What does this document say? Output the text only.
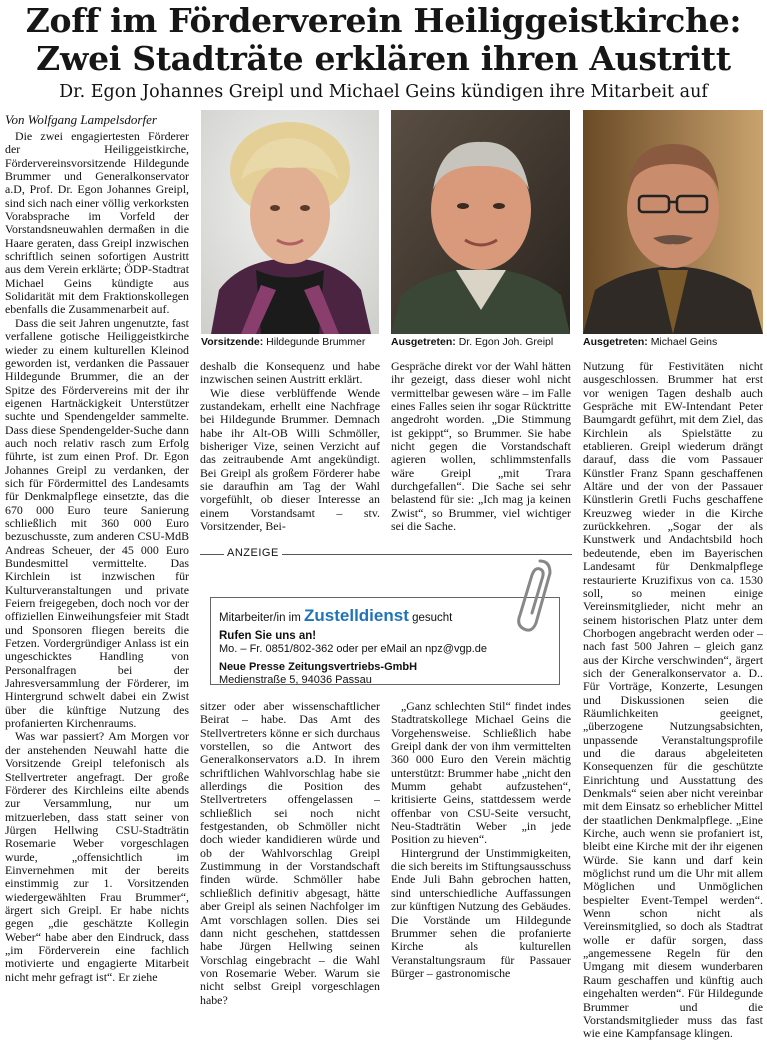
Zoff im Förderverein Heiliggeistkirche:
Zwei Stadträte erklären ihren Austritt
Dr. Egon Johannes Greipl und Michael Geins kündigen ihre Mitarbeit auf
Von Wolfgang Lampelsdorfer
Vorsitzende: Hildegunde Brummer Ausgetreten: Dr. Egon Joh. Greipl	Ausgetreten: Michael Geins

Die zwei engagiertesten Förderer der Heiliggeistkirche, Fördervereinsvorsitzende Hildegunde Brummer und Generalkonservator a.D, Prof. Dr. Egon Johannes Greipl, sind sich nach einer völlig verkorksten Vorabsprache im Vorfeld der Vorstandsneuwahlen dermaßen in die Haare geraten, dass Greipl inzwischen schriftlich seinen sofortigen Austritt aus dem Verein erklärte; ÖDP-Stadtrat Michael Geins kündigte aus Solidarität mit dem Fraktionskollegen ebenfalls die Zusammenarbeit auf.

Dass die seit Jahren ungenutzte, fast verfallene gotische Heiliggeistkirche wieder zu einem kulturellen Kleinod geworden ist, verdanken die Passauer Hildegunde Brummer, die an der Spitze des Fördervereins mit der ihr eigenen Hartnäckigkeit Unterstützer suchte und Spendengelder sammelte. Dass diese Spendengelder-Suche dann auch noch relativ rasch zum Erfolg führte, ist zum einen Prof. Dr. Egon Johannes Greipl zu verdanken, der sich für Fördermittel des Landesamts für Denkmalpflege einsetzte, das die 670 000 Euro teure Sanierung schließlich mit 360 000 Euro bezuschusste, zum anderen CSU-MdB Andreas Scheuer, der 45 000 Euro Bundesmittel vermittelte. Das Kirchlein ist inzwischen für Kulturveranstaltungen und private Feiern freigegeben, doch noch vor der offiziellen Einweihungsfeier mit Stadt und Sponsoren fliegen bereits die Fetzen. Vordergründiger Anlass ist ein ungeschicktes Handling von Personalfragen bei der Jahresversammlung der Förderer, im Hintergrund schwelt dabei ein Zwist über die künftige Nutzung des profanierten Kirchenraums.

Was war passiert? Am Morgen vor der anstehenden Neuwahl hatte die Vorsitzende Greipl telefonisch als Stellvertreter angefragt. Der große Förderer des Kirchleins eilte abends zur Versammlung, nur um mitzuerleben, dass statt seiner von Jürgen Hellwing CSU-Stadträtin Rosemarie Weber vorgeschlagen wurde, „offensichtlich im Einvernehmen mit der bereits einstimmig zur 1. Vorsitzenden wiedergewählten Frau Brummer“, ärgert sich Greipl. Er habe nichts gegen „die geschätzte Kollegin Weber“ habe aber den Eindruck, dass „im Förderverein eine fachlich motivierte und engagierte Mitarbeit nicht mehr gefragt ist“. Er ziehe

deshalb die Konsequenz und habe inzwischen seinen Austritt erklärt.

Wie diese verblüffende Wende zustandekam, erhellt eine Nachfrage bei Hildegunde Brummer. Demnach habe ihr Alt-OB Willi Schmöller, bisheriger Vize, seinen Verzicht auf das zeitraubende Amt angekündigt. Bei Greipl als großem Förderer habe sie daraufhin am Tag der Wahl vorgefühlt, ob dieser Interesse an einem Vorstandsamt – stv. Vorsitzender, Bei-

Gespräche direkt vor der Wahl hätten ihr gezeigt, dass dieser wohl nicht vermittelbar gewesen wäre – im Falle eines Falles seien ihr sogar Rücktritte angedroht worden. „Die Stimmung ist gekippt“, so Brummer. Sie habe nicht gegen die Vorstandschaft agieren wollen, schlimmstenfalls wäre Greipl „mit Trara durchgefallen“. Die Sache sei sehr belastend für sie: „Ich mag ja keinen Zwist“, so Brummer, viel wichtiger sei die Sache.

ANZEIGE
Mitarbeiter/in im Zustelldienst gesucht
Rufen Sie uns an!
Mo. – Fr. 0851/802-362 oder per eMail an npz@vgp.de
Neue Presse Zeitungsvertriebs-GmbH
Medienstraße 5, 94036 Passau

sitzer oder aber wissenschaftlicher Beirat – habe. Das Amt des Stellvertreters könne er sich durchaus vorstellen, so die Antwort des Generalkonservators a.D. In ihrem schriftlichen Wahlvorschlag habe sie allerdings die Position des Stellvertreters offengelassen – schließlich sei noch nicht festgestanden, ob Schmöller nicht doch wieder kandidieren würde und ob der Wahlvorschlag Greipl Zustimmung in der Vorstandschaft finden würde. Schmöller habe schließlich definitiv abgesagt, hätte aber Greipl als seinen Nachfolger im Amt vorschlagen sollen. Dies sei dann nicht geschehen, stattdessen habe Jürgen Hellwing seinen Vorschlag eingebracht – die Wahl von Rosemarie Weber. Warum sie nicht selbst Greipl vorgeschlagen habe?

„Ganz schlechten Stil“ findet indes Stadtratskollege Michael Geins die Vorgehensweise. Schließlich habe Greipl dank der von ihm vermittelten 360 000 Euro den Verein mächtig unterstützt: Brummer habe „nicht den Mumm gehabt aufzustehen“, kritisierte Geins, stattdessem werde offenbar von CSU-Seite versucht, Neu-Stadträtin Weber „in jede Position zu hieven“.

Hintergrund der Unstimmigkeiten, die sich bereits im Stiftungsausschuss Ende Juli Bahn gebrochen hatten, sind unterschiedliche Auffassungen zur künftigen Nutzung des Gebäudes. Die Vorstände um Hildegunde Brummer sehen die profanierte Kirche als kulturellen Veranstaltungsraum für Passauer Bürger – gastronomische

Nutzung für Festivitäten nicht ausgeschlossen. Brummer hat erst vor wenigen Tagen deshalb auch Gespräche mit EW-Intendant Peter Baumgardt geführt, mit dem Ziel, das Kirchlein als Spielstätte zu etablieren. Greipl wiederum drängt darauf, dass die vom Passauer Künstler Franz Spann geschaffenen Altäre und der von der Passauer Künstlerin Gretli Fuchs geschaffene Kreuzweg wieder in die Kirche zurückkehren. „Sogar der als Kunstwerk und Andachtsbild hoch bedeutende, eben im Bayerischen Landesamt für Denkmalpflege restaurierte Kruzifixus von ca. 1530 soll, so meinen einige Vereinsmitglieder, nicht mehr an seinem historischen Platz unter dem Chorbogen angebracht werden oder – nach fast 500 Jahren – gleich ganz aus der Kirche verschwinden“, ärgert sich der Generalkonservator a. D.. Für Vorträge, Konzerte, Lesungen und Diskussionen seien die Räumlichkeiten geeignet, „überzogene Nutzungsabsichten, unpassende Veranstaltungsprofile und die daraus abgeleiteten Konsequenzen für die geschützte Einrichtung und Ausstattung des Denkmals“ seien aber nicht vereinbar mit dem Einsatz so erheblicher Mittel der staatlichen Denkmalpflege. „Eine Kirche, auch wenn sie profaniert ist, bleibt eine Kirche mit der ihr eigenen Würde. Sie kann und darf kein möglichst rund um die Uhr mit allem Möglichen und Unmöglichen bespielter Event-Tempel werden“. Wenn schon nicht als Vereinsmitglied, so doch als Stadtrat wolle er dafür sorgen, dass „angemessene Regeln für den Umgang mit diesem wunderbaren Raum geschaffen und künftig auch eingehalten werden“. Für Hildegunde Brummer und die Vorstandsmitglieder muss das fast wie eine Kampfansage klingen.
